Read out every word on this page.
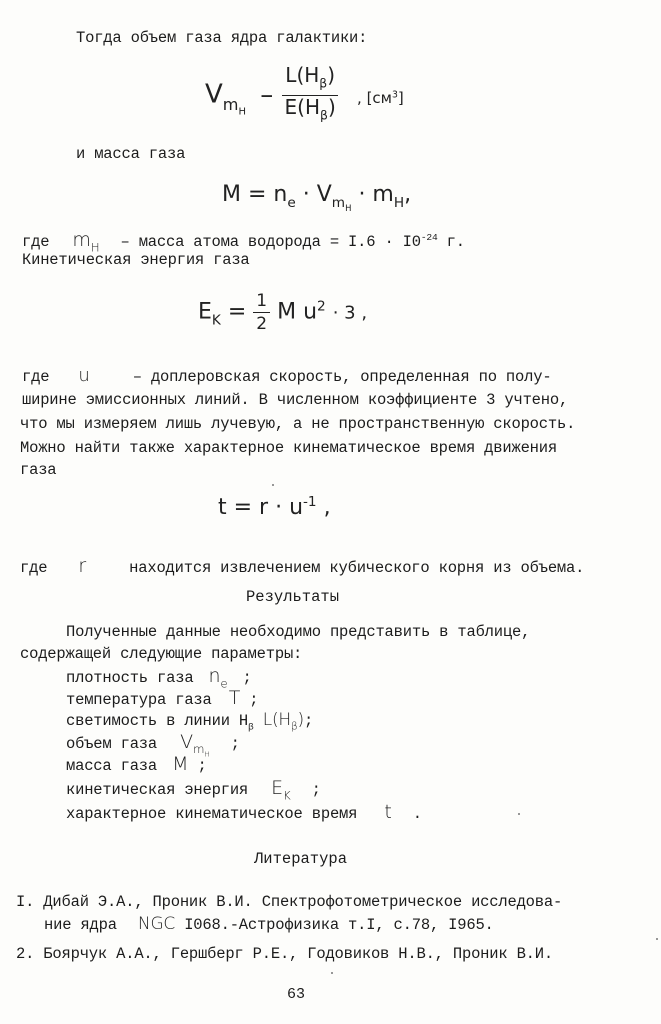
Тогда объем газа ядра галактики:
$V_{m_H} - \frac{L(H_\beta)}{E(H_\beta)}$ , $[см^3]$
и масса газа
$M = n_e \cdot V_{m_H} \cdot m_H$,
где $m_H$ – масса атома водорода = $I.6 \cdot I0^{-24}$ г.
Кинетическая энергия газа
$E_K = \frac{1}{2}$ M $u^2 \cdot 3$ ,
где u	– доплеровская скорость, определенная по полу-
ширине эмиссионных линий. В численном коэффициенте 3 учтено,
что мы измеряем лишь лучевую, а не пространственную скорость.
Можно найти также характерное кинематическое время движения
газа
$t = r \cdot u^{-1}$ ,
где r	находится извлечением кубического корня из объема.
Результаты
Полученные данные необходимо представить в таблице,
содержащей следующие параметры:
плотность газа $n_e$ ;
температура газа T ;
светимость в линии $Н_\beta$ $L(H_\beta)$;
объем газа $V_{m_H}$ ;
масса газа M ;
кинетическая энергия $E_K$ ;
характерное кинематическое время t .
Литература
I. Дибай Э.А., Проник В.И. Спектрофотометрическое исследова-
ние ядра NGC I068.-Астрофизика т.I, с.78, I965.
2. Боярчук А.А., Гершберг Р.Е., Годовиков Н.В., Проник В.И.
63
